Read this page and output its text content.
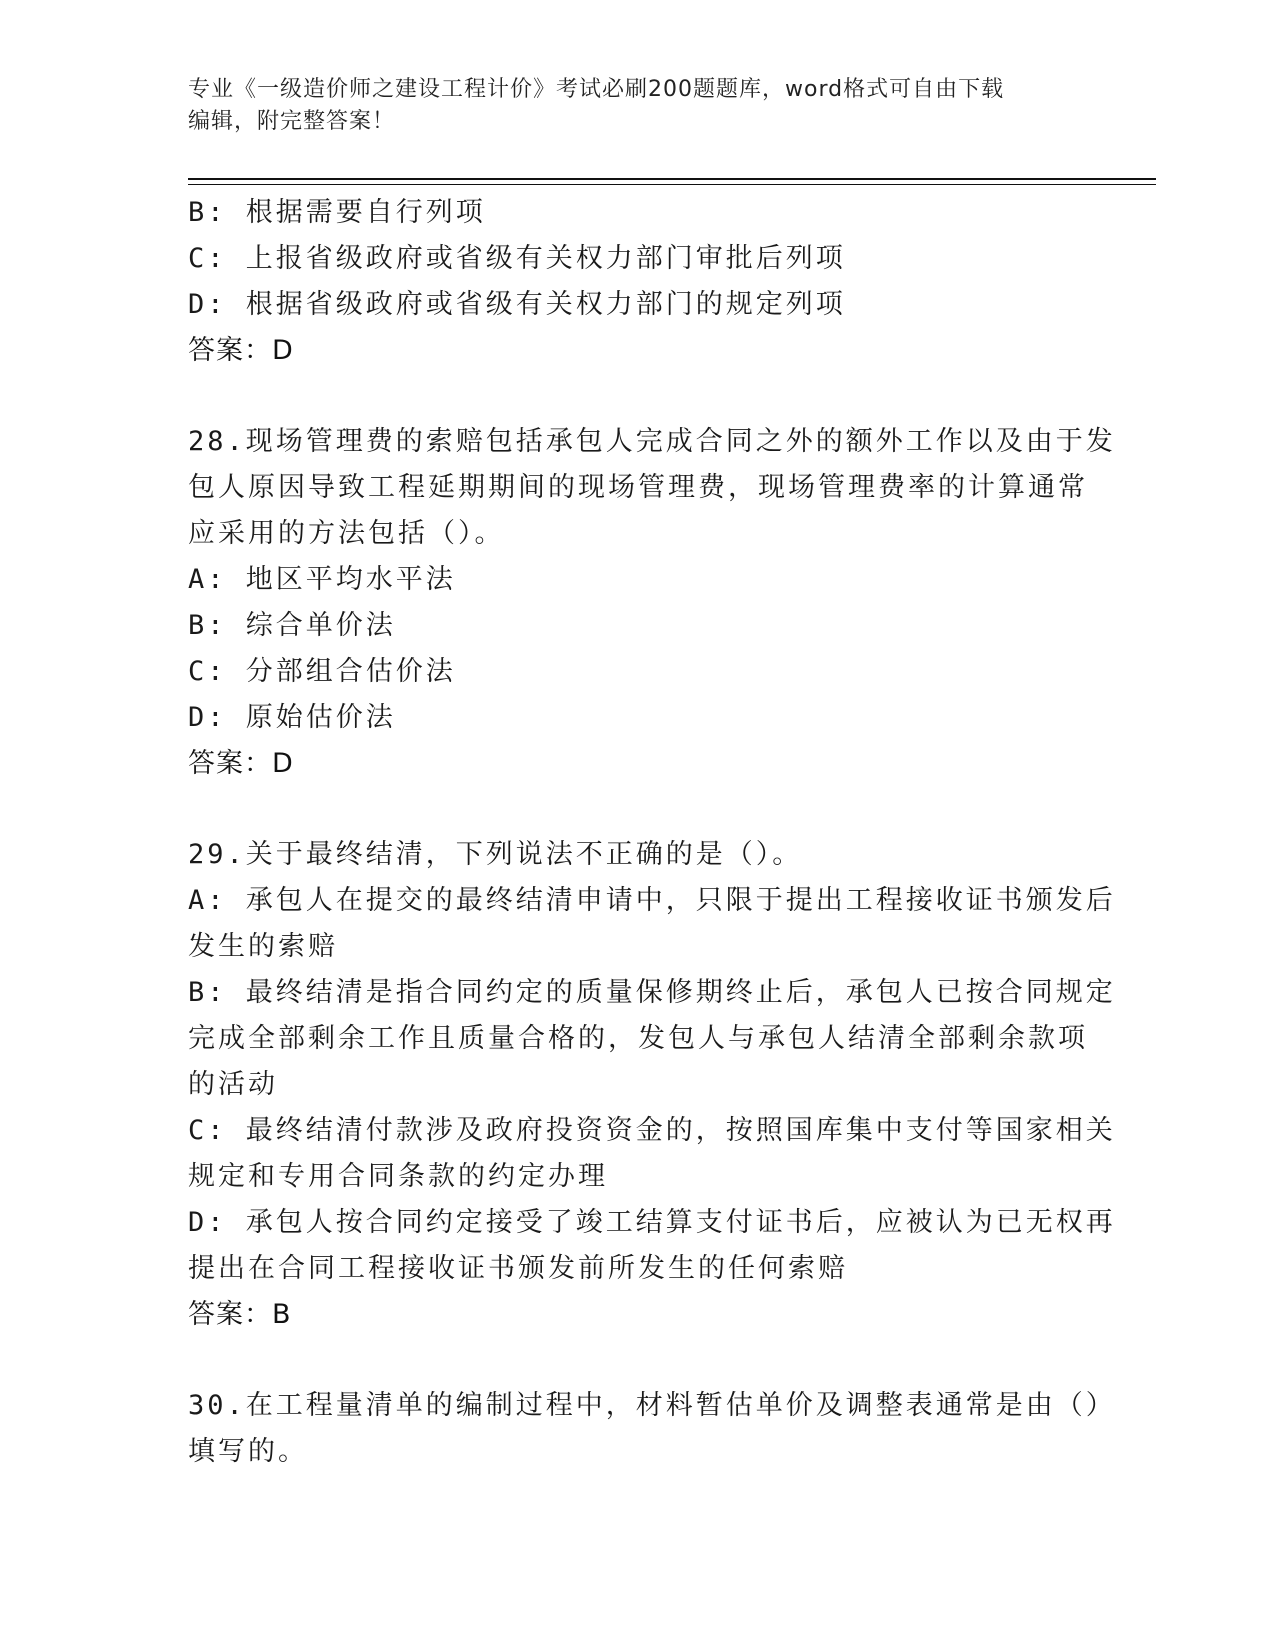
专业《一级造价师之建设工程计价》考试必刷200题题库，word格式可自由下载
编辑，附完整答案！
B: 根据需要自行列项
C: 上报省级政府或省级有关权力部门审批后列项
D: 根据省级政府或省级有关权力部门的规定列项
答案：D
28.现场管理费的索赔包括承包人完成合同之外的额外工作以及由于发
包人原因导致工程延期期间的现场管理费，现场管理费率的计算通常
应采用的方法包括（）。
A: 地区平均水平法
B: 综合单价法
C: 分部组合估价法
D: 原始估价法
答案：D
29.关于最终结清，下列说法不正确的是（）。
A: 承包人在提交的最终结清申请中，只限于提出工程接收证书颁发后
发生的索赔
B: 最终结清是指合同约定的质量保修期终止后，承包人已按合同规定
完成全部剩余工作且质量合格的，发包人与承包人结清全部剩余款项
的活动
C: 最终结清付款涉及政府投资资金的，按照国库集中支付等国家相关
规定和专用合同条款的约定办理
D: 承包人按合同约定接受了竣工结算支付证书后，应被认为已无权再
提出在合同工程接收证书颁发前所发生的任何索赔
答案：B
30.在工程量清单的编制过程中，材料暂估单价及调整表通常是由（）
填写的。
